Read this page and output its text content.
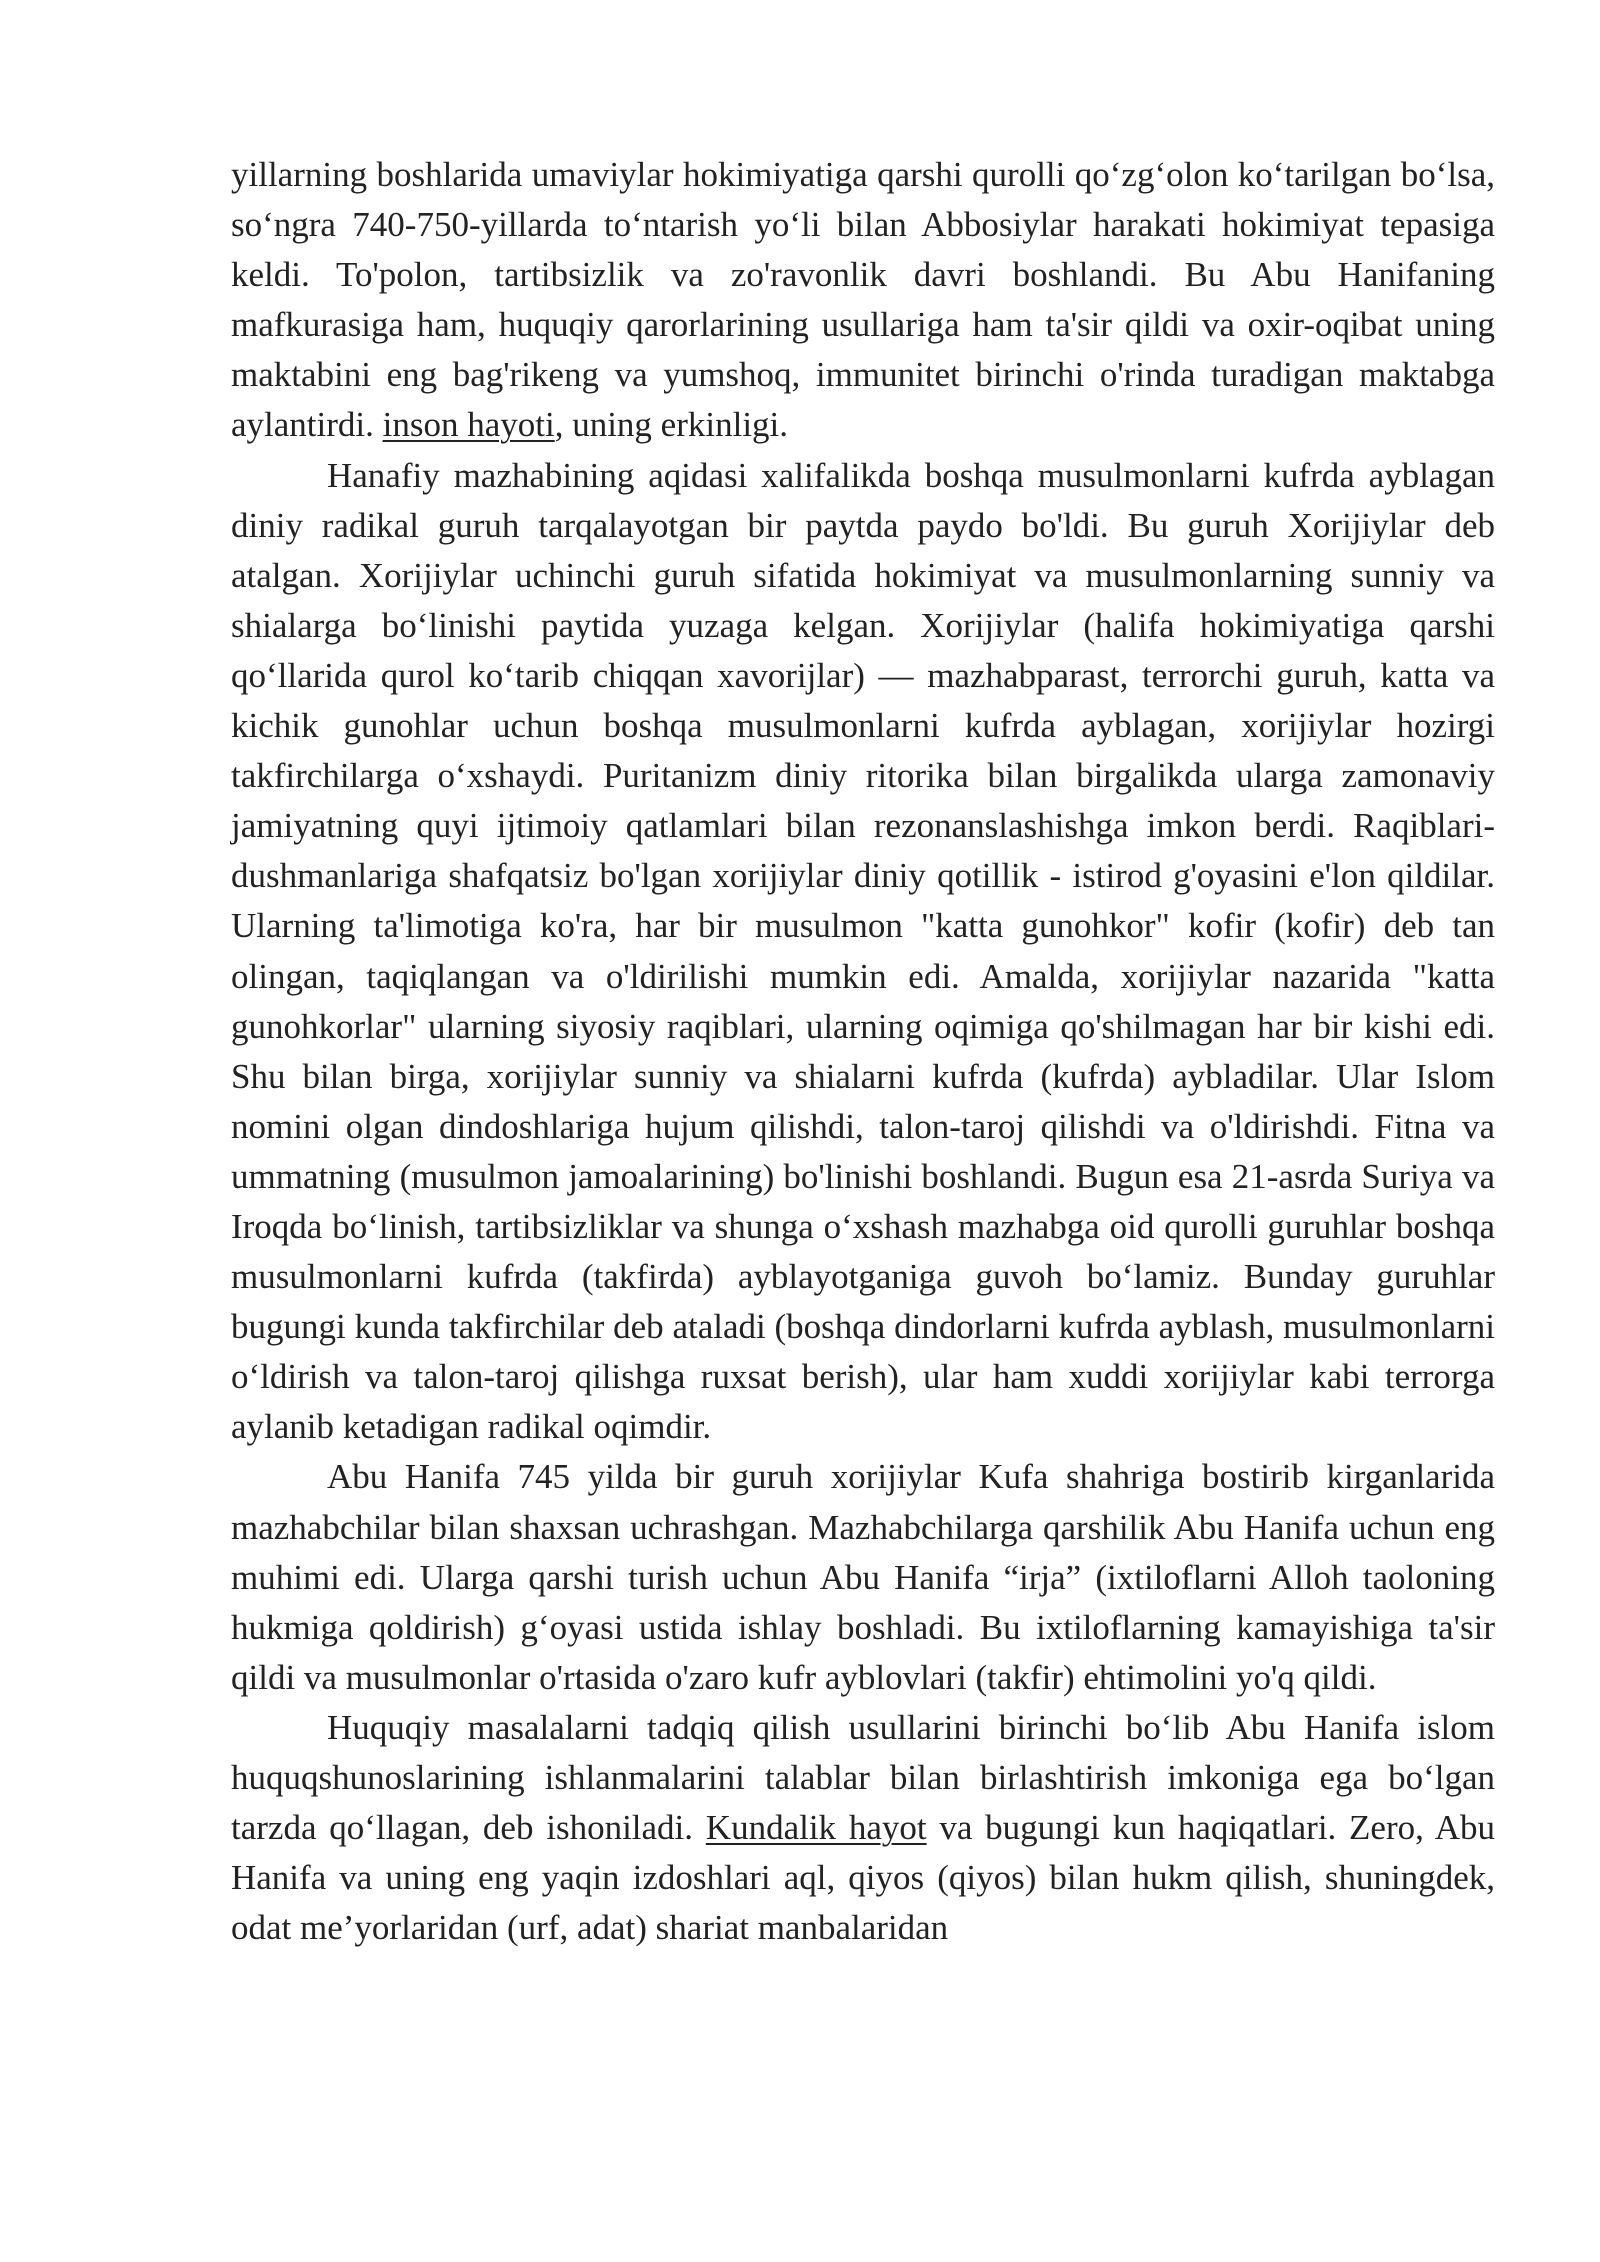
yillarning boshlarida umaviylar hokimiyatiga qarshi qurolli qo‘zg‘olon ko‘tarilgan bo‘lsa, so‘ngra 740-750-yillarda to‘ntarish yo‘li bilan Abbosiylar harakati hokimiyat tepasiga keldi. To'polon, tartibsizlik va zo'ravonlik davri boshlandi. Bu Abu Hanifaning mafkurasiga ham, huquqiy qarorlarining usullariga ham ta'sir qildi va oxir-oqibat uning maktabini eng bag'rikeng va yumshoq, immunitet birinchi o'rinda turadigan maktabga aylantirdi. inson hayoti, uning erkinligi.

Hanafiy mazhabining aqidasi xalifalikda boshqa musulmonlarni kufrda ayblagan diniy radikal guruh tarqalayotgan bir paytda paydo bo'ldi. Bu guruh Xorijiylar deb atalgan. Xorijiylar uchinchi guruh sifatida hokimiyat va musulmonlarning sunniy va shialarga bo‘linishi paytida yuzaga kelgan. Xorijiylar (halifa hokimiyatiga qarshi qo‘llarida qurol ko‘tarib chiqqan xavorijlar) — mazhabparast, terrorchi guruh, katta va kichik gunohlar uchun boshqa musulmonlarni kufrda ayblagan, xorijiylar hozirgi takfirchilarga o‘xshaydi. Puritanizm diniy ritorika bilan birgalikda ularga zamonaviy jamiyatning quyi ijtimoiy qatlamlari bilan rezonanslashishga imkon berdi. Raqiblari-dushmanlariga shafqatsiz bo'lgan xorijiylar diniy qotillik - istirod g'oyasini e'lon qildilar. Ularning ta'limotiga ko'ra, har bir musulmon "katta gunohkor" kofir (kofir) deb tan olingan, taqiqlangan va o'ldirilishi mumkin edi. Amalda, xorijiylar nazarida "katta gunohkorlar" ularning siyosiy raqiblari, ularning oqimiga qo'shilmagan har bir kishi edi. Shu bilan birga, xorijiylar sunniy va shialarni kufrda (kufrda) aybladilar. Ular Islom nomini olgan dindoshlariga hujum qilishdi, talon-taroj qilishdi va o'ldirishdi. Fitna va ummatning (musulmon jamoalarining) bo'linishi boshlandi. Bugun esa 21-asrda Suriya va Iroqda bo‘linish, tartibsizliklar va shunga o‘xshash mazhabga oid qurolli guruhlar boshqa musulmonlarni kufrda (takfirda) ayblayotganiga guvoh bo‘lamiz. Bunday guruhlar bugungi kunda takfirchilar deb ataladi (boshqa dindorlarni kufrda ayblash, musulmonlarni o‘ldirish va talon-taroj qilishga ruxsat berish), ular ham xuddi xorijiylar kabi terrorga aylanib ketadigan radikal oqimdir.

Abu Hanifa 745 yilda bir guruh xorijiylar Kufa shahriga bostirib kirganlarida mazhabchilar bilan shaxsan uchrashgan. Mazhabchilarga qarshilik Abu Hanifa uchun eng muhimi edi. Ularga qarshi turish uchun Abu Hanifa “irja” (ixtiloflarni Alloh taoloning hukmiga qoldirish) g‘oyasi ustida ishlay boshladi. Bu ixtiloflarning kamayishiga ta'sir qildi va musulmonlar o'rtasida o'zaro kufr ayblovlari (takfir) ehtimolini yo'q qildi.

Huquqiy masalalarni tadqiq qilish usullarini birinchi bo‘lib Abu Hanifa islom huquqshunoslarining ishlanmalarini talablar bilan birlashtirish imkoniga ega bo‘lgan tarzda qo‘llagan, deb ishoniladi. Kundalik hayot va bugungi kun haqiqatlari. Zero, Abu Hanifa va uning eng yaqin izdoshlari aql, qiyos (qiyos) bilan hukm qilish, shuningdek, odat me’yorlaridan (urf, adat) shariat manbalaridan
